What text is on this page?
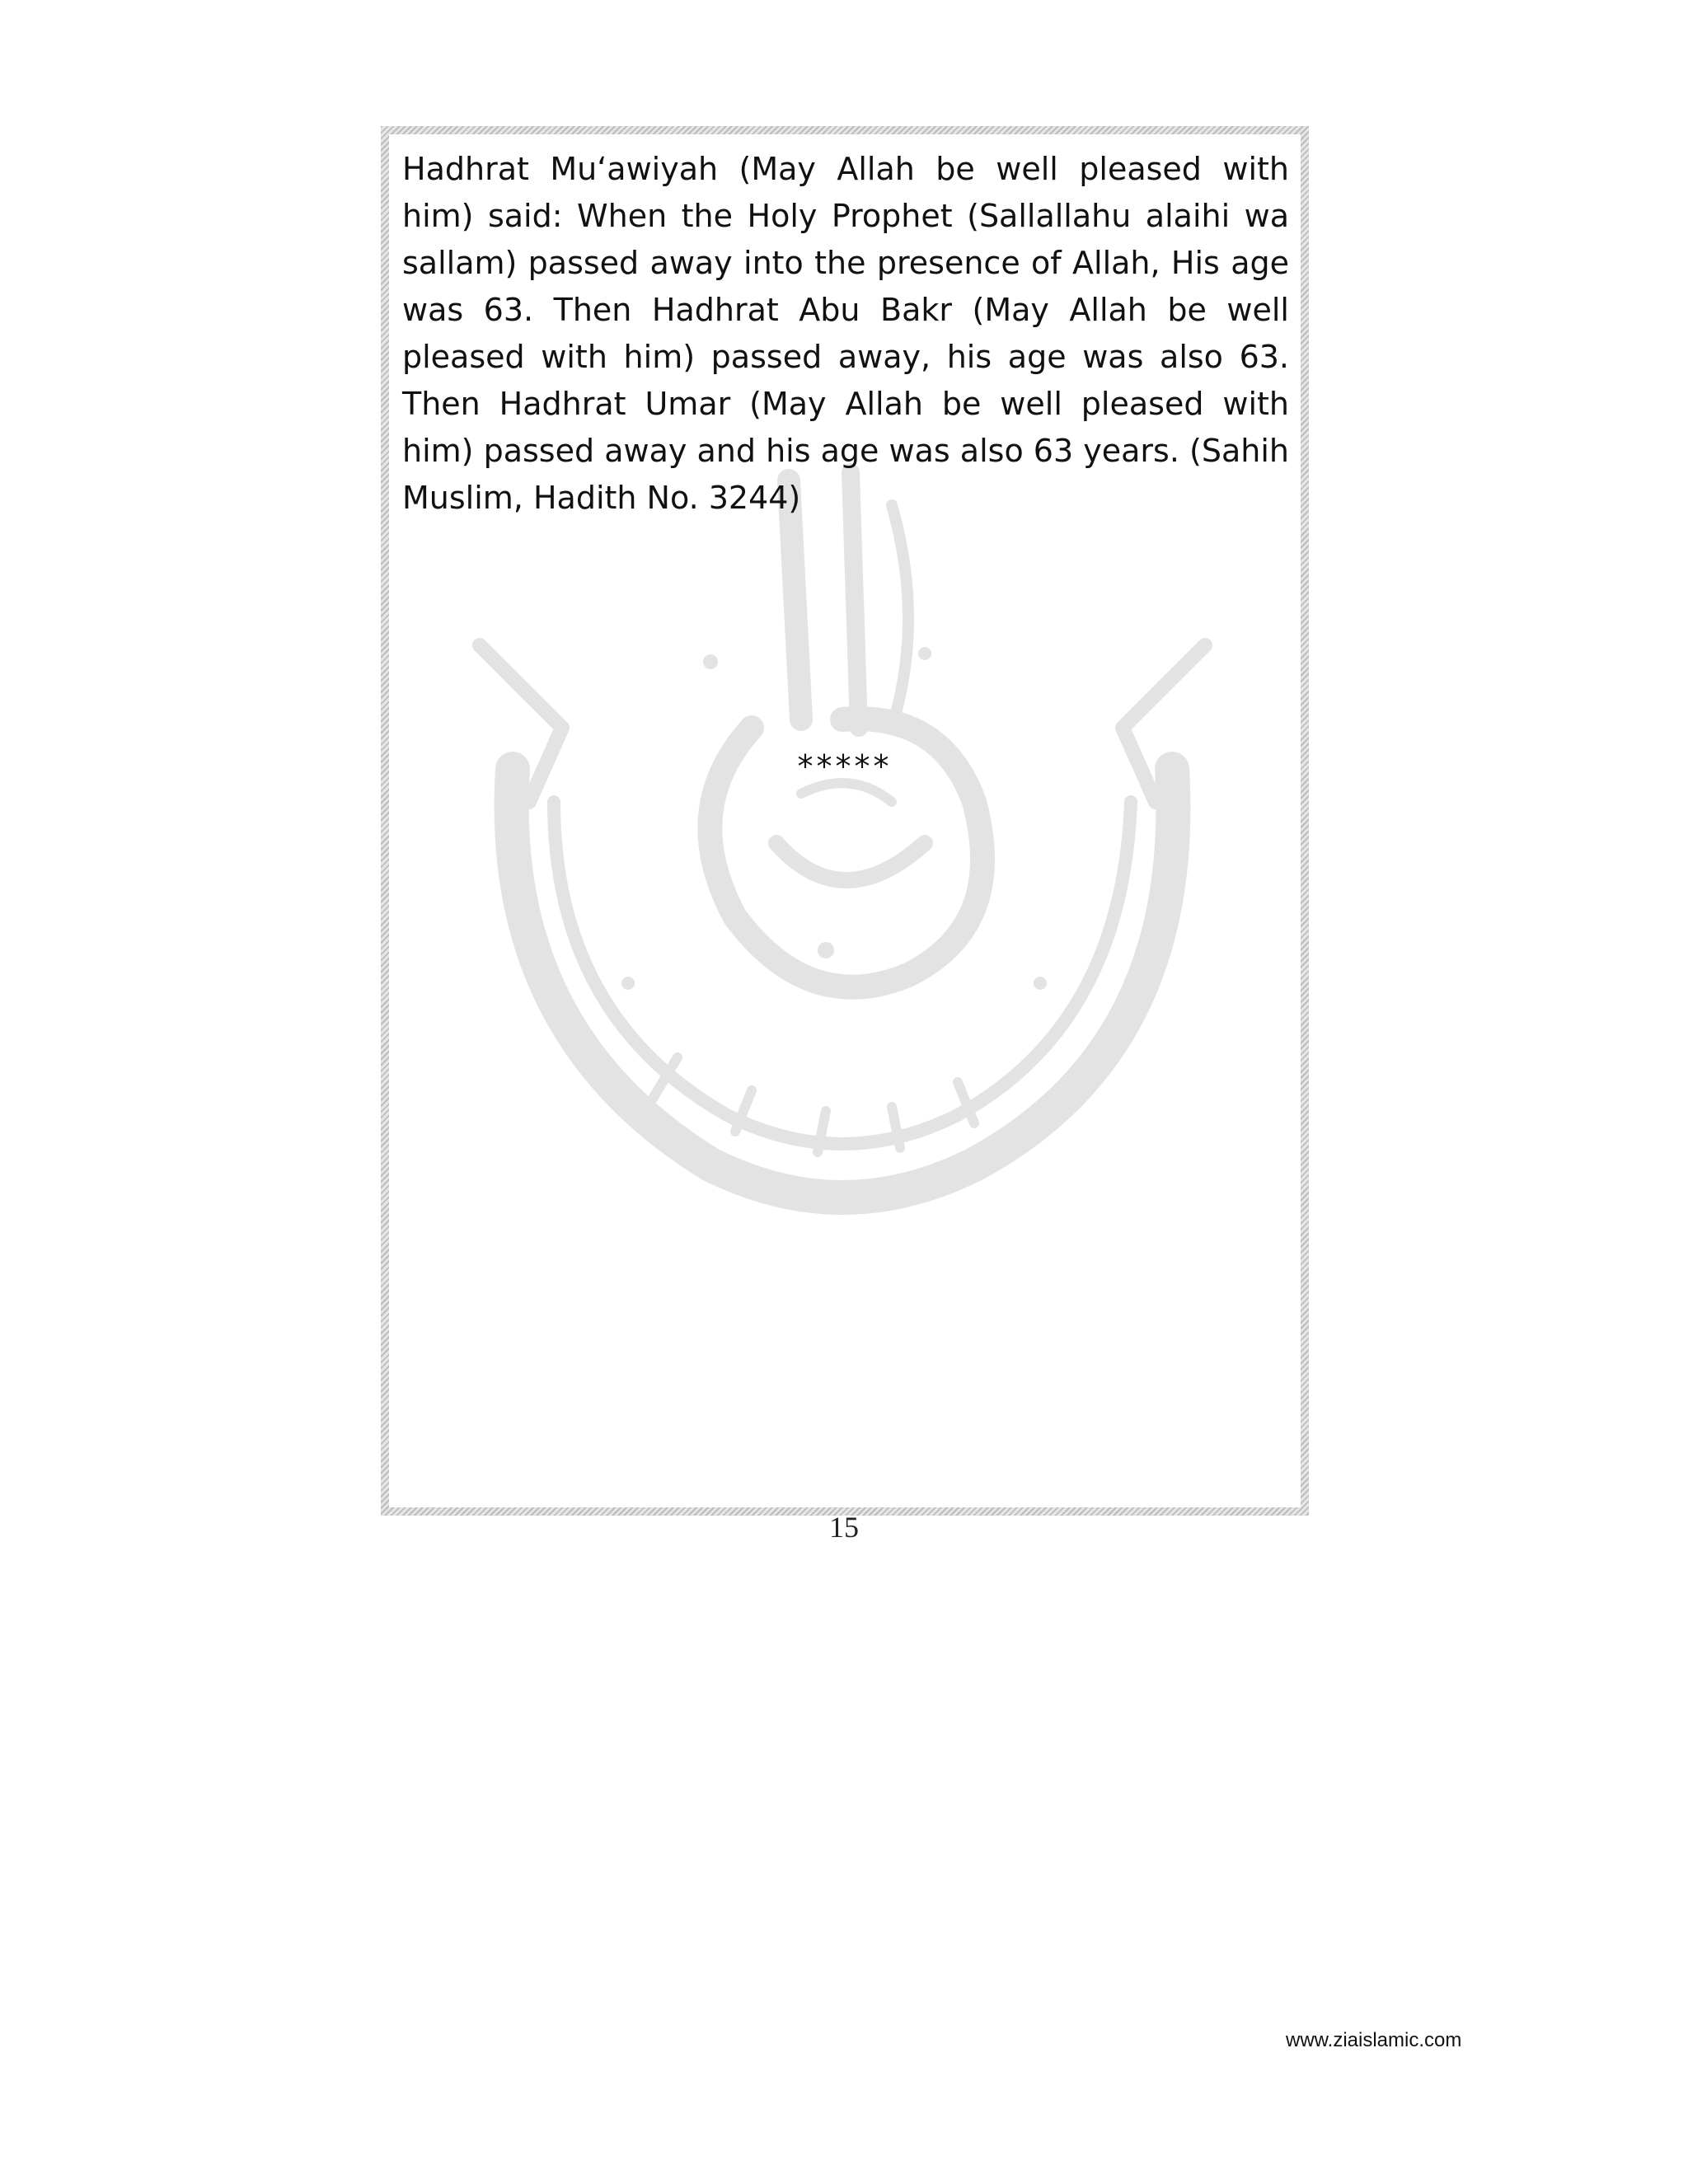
Hadhrat Mu‘awiyah (May Allah be well pleased with him) said: When the Holy Prophet (Sallallahu alaihi wa sallam) passed away into the presence of Allah, His age was 63. Then Hadhrat Abu Bakr (May Allah be well pleased with him) passed away, his age was also 63. Then Hadhrat Umar (May Allah be well pleased with him) passed away and his age was also 63 years. (Sahih Muslim, Hadith No. 3244)

*****
15
www.ziaislamic.com
